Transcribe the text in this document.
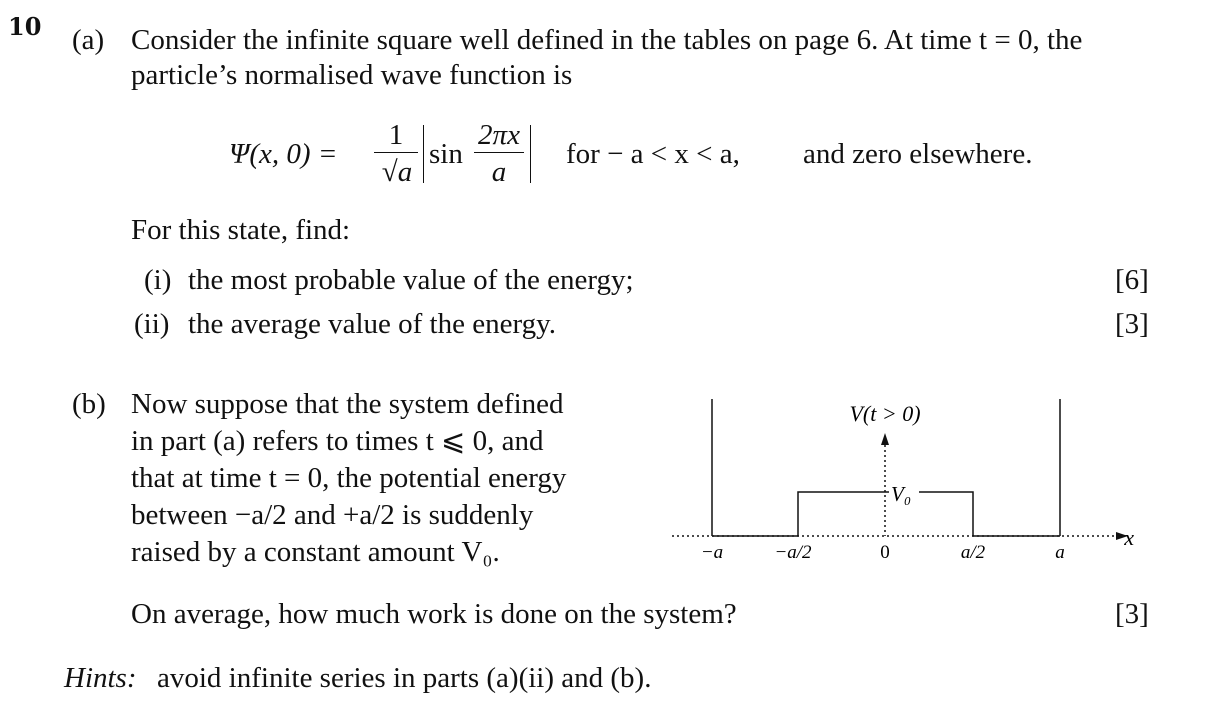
10 (a) Consider the infinite square well defined in the tables on page 6. At time t = 0, the
particle’s normalised wave function is
Ψ(x, 0) =
1
√a
sin
2πx
a
for − a < x < a, and zero elsewhere.
For this state, find:
(i) the most probable value of the energy;	[6]
(ii) the average value of the energy.	[3]
(b) Now suppose that the system defined
in part (a) refers to times t ⩽ 0, and
that at time t = 0, the potential energy
between −a/2 and +a/2 is suddenly
raised by a constant amount V₀.
V(t > 0)
V₀
x
−a	−a/2	0	a/2	a
On average, how much work is done on the system?	[3]
Hints: avoid infinite series in parts (a)(ii) and (b).
